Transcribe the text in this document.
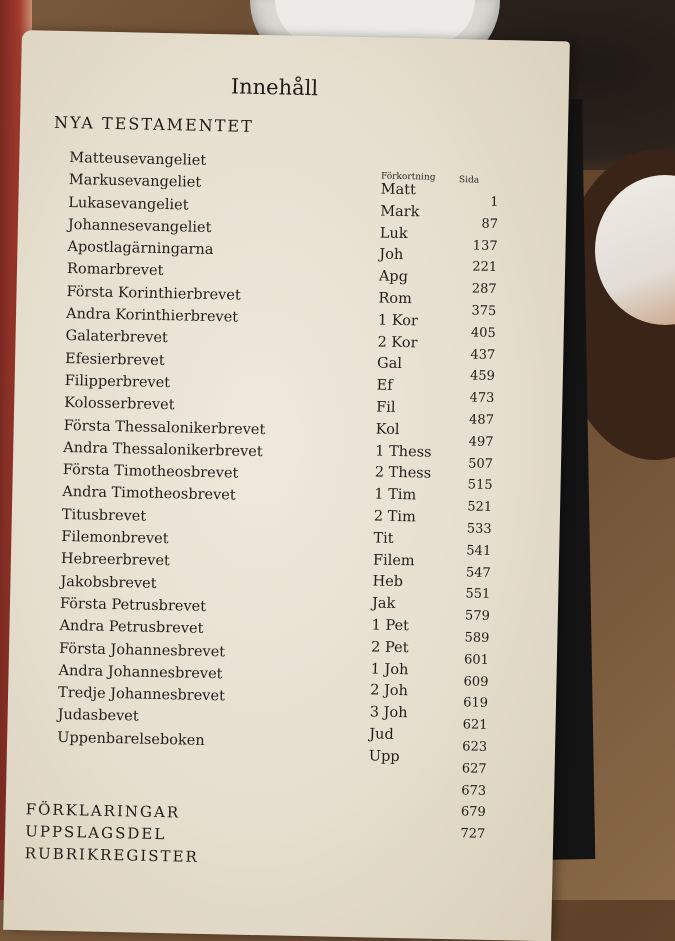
Innehåll
NYA TESTAMENTET
Förkortning	Sida
Matteusevangeliet
Markusevangeliet
Lukasevangeliet
Johannesevangeliet
Apostlagärningarna
Romarbrevet
Första Korinthierbrevet
Andra Korinthierbrevet
Galaterbrevet
Efesierbrevet
Filipperbrevet
Kolosserbrevet
Första Thessalonikerbrevet
Andra Thessalonikerbrevet
Första Timotheosbrevet
Andra Timotheosbrevet
Titusbrevet
Filemonbrevet
Hebreerbrevet
Jakobsbrevet
Första Petrusbrevet
Andra Petrusbrevet
Första Johannesbrevet
Andra Johannesbrevet
Tredje Johannesbrevet
Judasbevet
Uppenbarelseboken
Matt
Mark
Luk
Joh
Apg
Rom
1 Kor
2 Kor
Gal
Ef
Fil
Kol
1 Thess
2 Thess
1 Tim
2 Tim
Tit
Filem
Heb
Jak
1 Pet
2 Pet
1 Joh
2 Joh
3 Joh
Jud
Upp
1
87
137
221
287
375
405
437
459
473
487
497
507
515
521
533
541
547
551
579
589
601
609
619
621
623
627
673
679
727
FÖRKLARINGAR
UPPSLAGSDEL
RUBRIKREGISTER
